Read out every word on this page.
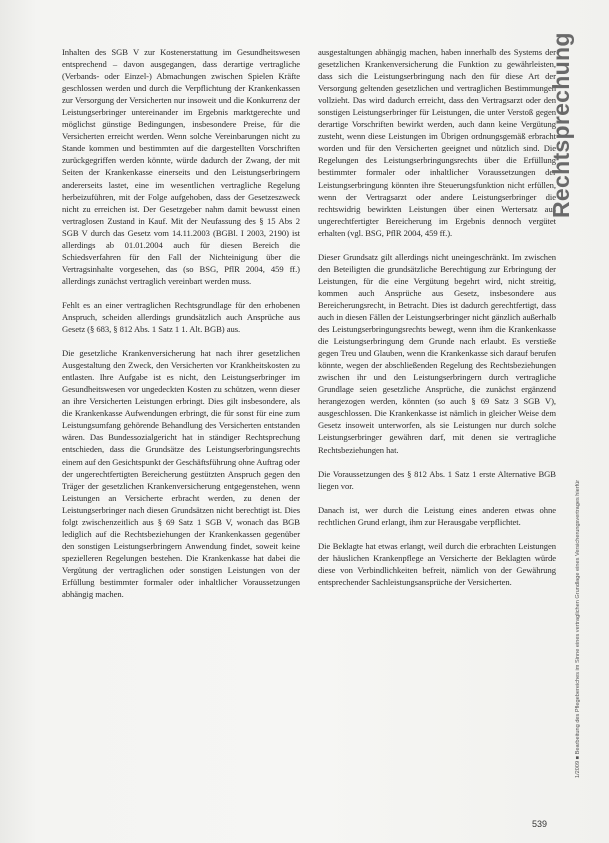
Inhalten des SGB V zur Kostenerstattung im Gesundheitswesen entsprechend – davon ausgegangen, dass derartige vertragliche (Verbands- oder Einzel-) Abmachungen zwischen Spielen Kräfte geschlossen werden und durch die Verpflichtung der Krankenkassen zur Versorgung der Versicherten nur insoweit und die Konkurrenz der Leistungserbringer untereinander im Ergebnis marktgerechte und möglichst günstige Bedingungen, insbesondere Preise, für die Versicherten erreicht werden. Wenn solche Vereinbarungen nicht zu Stande kommen und bestimmten auf die dargestellten Vorschriften zurückgegriffen werden könnte, würde dadurch der Zwang, der mit Seiten der Krankenkasse einerseits und den Leistungserbringern andererseits lastet, eine im wesentlichen vertragliche Regelung herbeizuführen, mit der Folge aufgehoben, dass der Gesetzeszweck nicht zu erreichen ist. Der Gesetzgeber nahm damit bewusst einen vertraglosen Zustand in Kauf. Mit der Neufassung des § 15 Abs 2 SGB V durch das Gesetz vom 14.11.2003 (BGBl. I 2003, 2190) ist allerdings ab 01.01.2004 auch für diesen Bereich die Schiedsverfahren für den Fall der Nichteinigung über die Vertragsinhalte vorgesehen, das (so BSG, PflR 2004, 459 ff.) allerdings zunächst vertraglich vereinbart werden muss.

Fehlt es an einer vertraglichen Rechtsgrundlage für den erhobenen Anspruch, scheiden allerdings grundsätzlich auch Ansprüche aus Gesetz (§ 683, § 812 Abs. 1 Satz 1 1. Alt. BGB) aus.

Die gesetzliche Krankenversicherung hat nach ihrer gesetzlichen Ausgestaltung den Zweck, den Versicherten vor Krankheitskosten zu entlasten. Ihre Aufgabe ist es nicht, den Leistungserbringer im Gesundheitswesen vor ungedeckten Kosten zu schützen, wenn dieser an ihre Versicherten Leistungen erbringt. Dies gilt insbesondere, als die Krankenkasse Aufwendungen erbringt, die für sonst für eine zum Leistungsumfang gehörende Behandlung des Versicherten entstanden wären. Das Bundessozialgericht hat in ständiger Rechtsprechung entschieden, dass die Grundsätze des Leistungserbringungsrechts einem auf den Gesichtspunkt der Geschäftsführung ohne Auftrag oder der ungerechtfertigten Bereicherung gestützten Anspruch gegen den Träger der gesetzlichen Krankenversicherung entgegenstehen, wenn Leistungen an Versicherte erbracht werden, zu denen der Leistungserbringer nach diesen Grundsätzen nicht berechtigt ist. Dies folgt zwischenzeitlich aus § 69 Satz 1 SGB V, wonach das BGB lediglich auf die Rechtsbeziehungen der Krankenkassen gegenüber den sonstigen Leistungserbringern Anwendung findet, soweit keine spezielleren Regelungen bestehen. Die Krankenkasse hat dabei die Vergütung der vertraglichen oder sonstigen Leistungen von der Erfüllung bestimmter formaler oder inhaltlicher Voraussetzungen abhängig machen.

ausgestaltungen abhängig machen, haben innerhalb des Systems der gesetzlichen Krankenversicherung die Funktion zu gewährleisten, dass sich die Leistungserbringung nach den für diese Art der Versorgung geltenden gesetzlichen und vertraglichen Bestimmungen vollzieht. Das wird dadurch erreicht, dass den Vertragsarzt oder den sonstigen Leistungserbringer für Leistungen, die unter Verstoß gegen derartige Vorschriften bewirkt werden, auch dann keine Vergütung zusteht, wenn diese Leistungen im Übrigen ordnungsgemäß erbracht worden und für den Versicherten geeignet und nützlich sind. Die Regelungen des Leistungserbringungsrechts über die Erfüllung bestimmter formaler oder inhaltlicher Voraussetzungen der Leistungserbringung könnten ihre Steuerungsfunktion nicht erfüllen, wenn der Vertragsarzt oder andere Leistungserbringer die rechtswidrig bewirkten Leistungen über einen Wertersatz aus ungerechtfertigter Bereicherung im Ergebnis dennoch vergütet erhalten (vgl. BSG, PflR 2004, 459 ff.).

Dieser Grundsatz gilt allerdings nicht uneingeschränkt. Im zwischen den Beteiligten die grundsätzliche Berechtigung zur Erbringung der Leistungen, für die eine Vergütung begehrt wird, nicht streitig, kommen auch Ansprüche aus Gesetz, insbesondere aus Bereicherungsrecht, in Betracht. Dies ist dadurch gerechtfertigt, dass auch in diesen Fällen der Leistungserbringer nicht gänzlich außerhalb des Leistungserbringungsrechts bewegt, wenn ihm die Krankenkasse die Leistungserbringung dem Grunde nach erlaubt. Es verstieße gegen Treu und Glauben, wenn die Krankenkasse sich darauf berufen könnte, wegen der abschließenden Regelung des Rechtsbeziehungen zwischen ihr und den Leistungserbringern durch vertragliche Grundlage seien gesetzliche Ansprüche, die zunächst ergänzend herangezogen werden, könnten (so auch § 69 Satz 3 SGB V), ausgeschlossen. Die Krankenkasse ist nämlich in gleicher Weise dem Gesetz insoweit unterworfen, als sie Leistungen nur durch solche Leistungserbringer gewähren darf, mit denen sie vertragliche Rechtsbeziehungen hat.

Die Voraussetzungen des § 812 Abs. 1 Satz 1 erste Alternative BGB liegen vor.

Danach ist, wer durch die Leistung eines anderen etwas ohne rechtlichen Grund erlangt, ihm zur Herausgabe verpflichtet.

Die Beklagte hat etwas erlangt, weil durch die erbrachten Leistungen der häuslichen Krankenpflege an Versicherte der Beklagten würde diese von Verbindlichkeiten befreit, nämlich von der Gewährung entsprechender Sachleistungsansprüche der Versicherten.

Rechtsprechung
1/2009 ■ Bearbeitung des Pflegebereiches im Sinne eines vertraglichen Grundlage eines Versicherungsvertrages hierfür
539
